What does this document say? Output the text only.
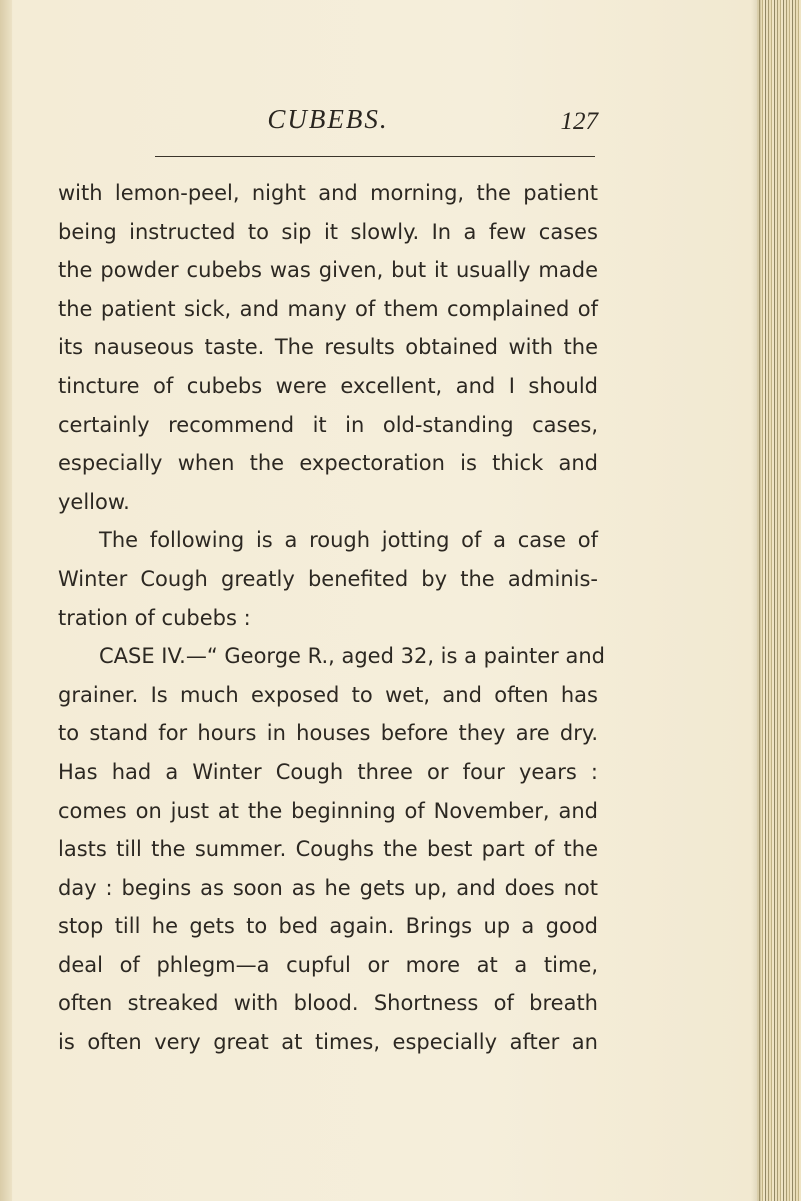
CUBEBS.	127
with lemon-peel, night and morning, the patient
being instructed to sip it slowly. In a few cases
the powder cubebs was given, but it usually made
the patient sick, and many of them complained of
its nauseous taste. The results obtained with the
tincture of cubebs were excellent, and I should
certainly recommend it in old-standing cases,
especially when the expectoration is thick and
yellow.
The following is a rough jotting of a case of
Winter Cough greatly benefited by the adminis-
tration of cubebs :
CASE IV.—“ George R., aged 32, is a painter and
grainer. Is much exposed to wet, and often has
to stand for hours in houses before they are dry.
Has had a Winter Cough three or four years :
comes on just at the beginning of November, and
lasts till the summer. Coughs the best part of the
day : begins as soon as he gets up, and does not
stop till he gets to bed again. Brings up a good
deal of phlegm—a cupful or more at a time,
often streaked with blood. Shortness of breath
is often very great at times, especially after an
